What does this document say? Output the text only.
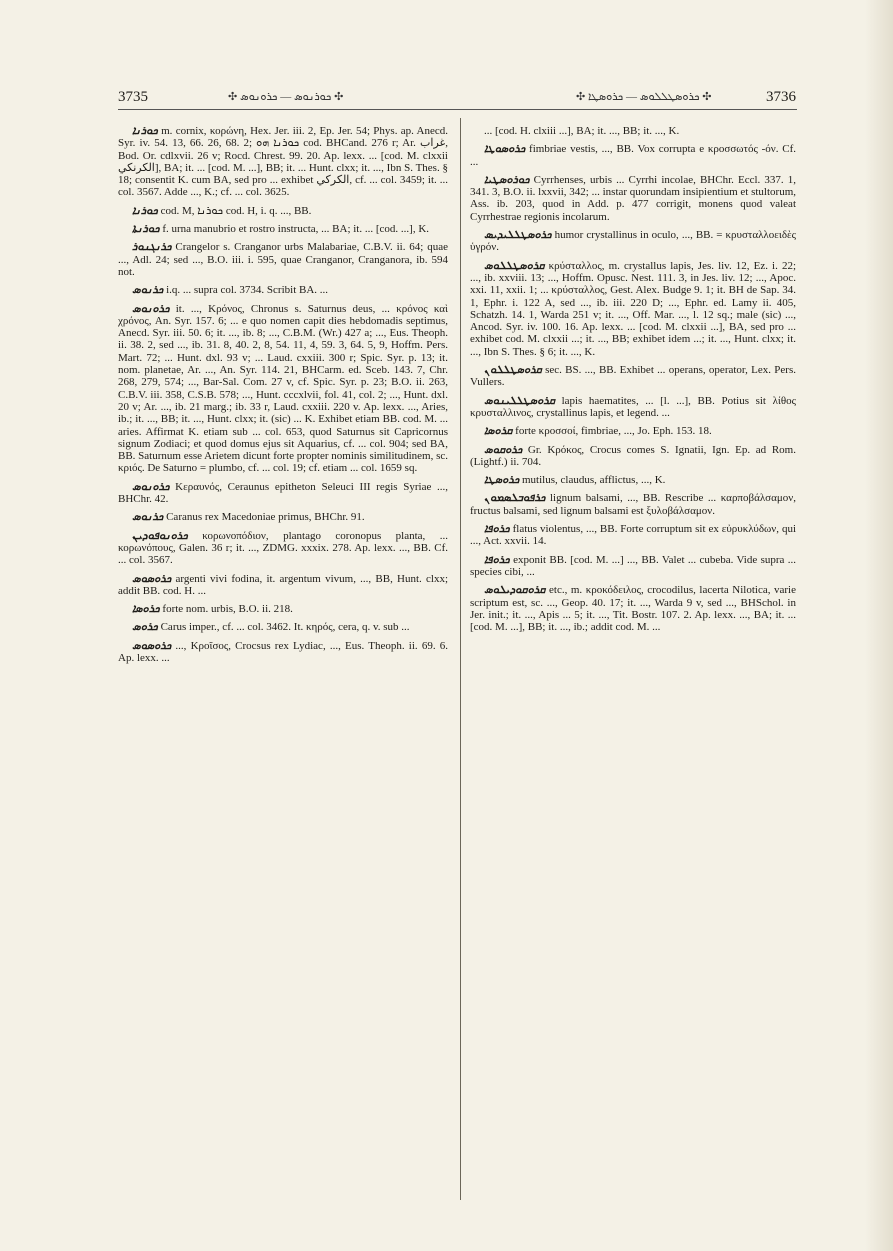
3735	✣ ܟܘܪܢܘܣ — ܟܪܘܢܘܣ ✣	✣ ܟܪܘܣܛܠܠܘܣ — ܟܪܘܣܛܐ ✣	3736

ܟܘܪܢܐ m. cornix, κορώνη, Hex. Jer. iii. 2, Ep. Jer. 54; Phys. ap. Anecd. Syr. iv. 54. 13, 66. 26, 68. 2; ܟܘܪܢܐ ܗܘ cod. BHCand. 276 r; Ar. غراب, Bod. Or. cdlxvii. 26 v; Rocd. Chrest. 99. 20. Ap. lexx. ... [cod. M. clxxii الكرنكي], BA; it. ... [cod. M. ...], BB; it. ... Hunt. clxx; it. ..., Ibn S. Thes. § 18; consentit K. cum BA, sed pro ... exhibet الكركي, cf. ... col. 3459; it. ... col. 3567. Adde ..., K.; cf. ... col. 3625.

ܟܘܪܢܐ cod. M, ܟܘܪܢܐ cod. H, i. q. ..., BB.

ܟܘܪܢܬܐ f. urna manubrio et rostro instructa, ... BA; it. ... [cod. ...], K.

ܟܪܢܓܢܘܪ Crangelor s. Cranganor urbs Malabariae, C.B.V. ii. 64; quae ..., Adl. 24; sed ..., B.O. iii. i. 595, quae Cranganor, Cranganora, ib. 594 not.

ܟܪܢܘܣ i.q. ... supra col. 3734. Scribit BA. ...

ܟܪܘܢܘܣ it. ..., Κρόνος, Chronus s. Saturnus deus, ... κρόνος καὶ χρόνος, An. Syr. 157. 6; ... e quo nomen capit dies hebdomadis septimus, Anecd. Syr. iii. 50. 6; it. ..., ib. 8; ..., C.B.M. (Wr.) 427 a; ..., Eus. Theoph. ii. 38. 2, sed ..., ib. 31. 8, 40. 2, 8, 54. 11, 4, 59. 3, 64. 5, 9, Hoffm. Pers. Mart. 72; ... Hunt. dxl. 93 v; ... Laud. cxxiii. 300 r; Spic. Syr. p. 13; it. nom. planetae, Ar. ..., An. Syr. 114. 21, BHCarm. ed. Sceb. 143. 7, Chr. 268, 279, 574; ..., Bar-Sal. Com. 27 v, cf. Spic. Syr. p. 23; B.O. ii. 263, C.B.V. iii. 358, C.S.B. 578; ..., Hunt. cccxlvii, fol. 41, col. 2; ..., Hunt. dxl. 20 v; Ar. ..., ib. 21 marg.; ib. 33 r, Laud. cxxiii. 220 v. Ap. lexx. ..., Aries, ib.; it. ..., BB; it. ..., Hunt. clxx; it. (sic) ... K. Exhibet etiam BB. cod. M. ... aries. Affirmat K. etiam sub ... col. 653, quod Saturnus sit Capricornus signum Zodiaci; et quod domus ejus sit Aquarius, cf. ... col. 904; sed BA, BB. Saturnum esse Arietem dicunt forte propter nominis similitudinem, sc. κριός. De Saturno = plumbo, cf. ... col. 19; cf. etiam ... col. 1659 sq.

ܟܪܘܢܘܣ Κεραυνός, Ceraunus epitheton Seleuci III regis Syriae ..., BHChr. 42.

ܟܪܢܘܣ Caranus rex Macedoniae primus, BHChr. 91.

ܟܪܘܢܘܦܘܕܝܢ κορωνοπόδιον, plantago coronopus planta, ... κορωνόπους, Galen. 36 r; it. ..., ZDMG. xxxix. 278. Ap. lexx. ..., BB. Cf. ... col. 3567.

ܟܪܘܣܘܣ argenti vivi fodina, it. argentum vivum, ..., BB, Hunt. clxx; addit BB. cod. H. ...

ܟܪܘܣܐ forte nom. urbis, B.O. ii. 218.

ܟܪܘܣ Carus imper., cf. ... col. 3462. It. κηρός, cera, q. v. sub ...

ܟܪܘܣܘܣ ..., Κροῖσος, Crocsus rex Lydiac, ..., Eus. Theoph. ii. 69. 6. Ap. lexx. ...

... [cod. H. clxiii ...], BA; it. ..., BB; it. ..., K.

ܟܪܘܣܘܛܐ fimbriae vestis, ..., BB. Vox corrupta e κροσσωτός -όν. Cf. ...

ܟܘܪܘܣܛܝܐ Cyrrhenses, urbis ... Cyrrhi incolae, BHChr. Eccl. 337. 1, 341. 3, B.O. ii. lxxvii, 342; ... instar quorundam insipientium et stultorum, Ass. ib. 203, quod in Add. p. 477 corrigit, monens quod valeat Cyrrhestrae regionis incolarum.

ܟܪܘܣܛܠܠܝܕܝܣ humor crystallinus in oculo, ..., BB. = κρυσταλλοειδὲς ὑγρόν.

ܩܪܘܣܛܠܠܘܣ κρύσταλλος, m. crystallus lapis, Jes. liv. 12, Ez. i. 22; ..., ib. xxviii. 13; ..., Hoffm. Opusc. Nest. 111. 3, in Jes. liv. 12; ..., Apoc. xxi. 11, xxii. 1; ... κρύσταλλος, Gest. Alex. Budge 9. 1; it. BH de Sap. 34. 1, Ephr. i. 122 A, sed ..., ib. iii. 220 D; ..., Ephr. ed. Lamy ii. 405, Schatzh. 14. 1, Warda 251 v; it. ..., Off. Mar. ..., l. 12 sq.; male (sic) ..., Ancod. Syr. iv. 100. 16. Ap. lexx. ... [cod. M. clxxii ...], BA, sed pro ... exhibet cod. M. clxxii ...; it. ..., BB; exhibet idem ...; it. ..., Hunt. clxx; it. ..., Ibn S. Thes. § 6; it. ..., K.

ܩܪܘܣܛܠܠܘܢ sec. BS. ..., BB. Exhibet ... operans, operator, Lex. Pers. Vullers.

ܩܪܘܣܛܠܠܝܢܘܣ lapis haematites, ... [l. ...], BB. Potius sit λίθος κρυσταλλινος, crystallinus lapis, et legend. ...

ܩܪܘܣܐ forte κροσσοί, fimbriae, ..., Jo. Eph. 153. 18.

ܟܪܘܩܘܣ Gr. Κρόκος, Crocus comes S. Ignatii, Ign. Ep. ad Rom. (Lightf.) ii. 704.

ܟܪܘܣܛܐ mutilus, claudus, afflictus, ..., K.

ܟܪܦܘܒܠܣܡܘܢ lignum balsami, ..., BB. Rescribe ... καρποβάλσαμον, fructus balsami, sed lignum balsami est ξυλοβάλσαμον.

ܟܪܘܦܐ flatus violentus, ..., BB. Forte corruptum sit ex εὐρυκλύδων, qui ..., Act. xxvii. 14.

ܟܪܘܦܐ exponit BB. [cod. M. ...] ..., BB. Valet ... cubeba. Vide supra ... species cibi, ...

ܩܪܘܩܘܕܝܠܘܣ etc., m. κροκόδειλος, crocodilus, lacerta Nilotica, varie scriptum est, sc. ..., Geop. 40. 17; it. ..., Warda 9 v, sed ..., BHSchol. in Jer. init.; it. ..., Apis ... 5; it. ..., Tit. Bostr. 107. 2. Ap. lexx. ..., BA; it. ... [cod. M. ...], BB; it. ..., ib.; addit cod. M. ...
